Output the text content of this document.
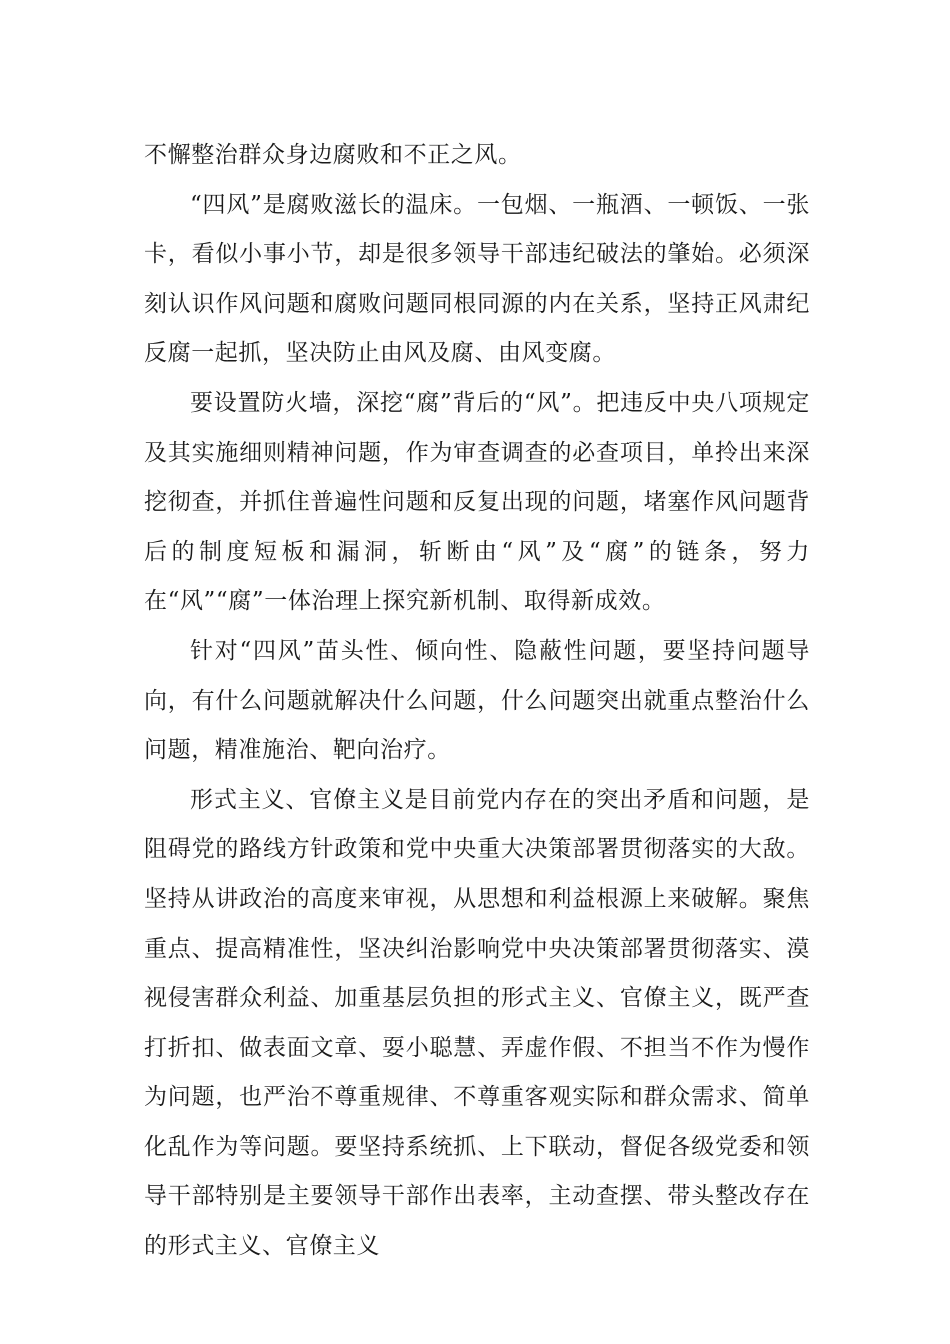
不懈整治群众身边腐败和不正之风。

“四风”是腐败滋长的温床。一包烟、一瓶酒、一顿饭、一张卡，看似小事小节，却是很多领导干部违纪破法的肇始。必须深刻认识作风问题和腐败问题同根同源的内在关系，坚持正风肃纪反腐一起抓，坚决防止由风及腐、由风变腐。

要设置防火墙，深挖“腐”背后的“风”。把违反中央八项规定及其实施细则精神问题，作为审查调查的必查项目，单拎出来深挖彻查，并抓住普遍性问题和反复出现的问题，堵塞作风问题背后的制度短板和漏洞，斩断由“风”及“腐”的链条，努力在“风”“腐”一体治理上探究新机制、取得新成效。

针对“四风”苗头性、倾向性、隐蔽性问题，要坚持问题导向，有什么问题就解决什么问题，什么问题突出就重点整治什么问题，精准施治、靶向治疗。

形式主义、官僚主义是目前党内存在的突出矛盾和问题，是阻碍党的路线方针政策和党中央重大决策部署贯彻落实的大敌。坚持从讲政治的高度来审视，从思想和利益根源上来破解。聚焦重点、提高精准性，坚决纠治影响党中央决策部署贯彻落实、漠视侵害群众利益、加重基层负担的形式主义、官僚主义，既严查打折扣、做表面文章、耍小聪慧、弄虚作假、不担当不作为慢作为问题，也严治不尊重规律、不尊重客观实际和群众需求、简单化乱作为等问题。要坚持系统抓、上下联动，督促各级党委和领导干部特别是主要领导干部作出表率，主动查摆、带头整改存在的形式主义、官僚主义
